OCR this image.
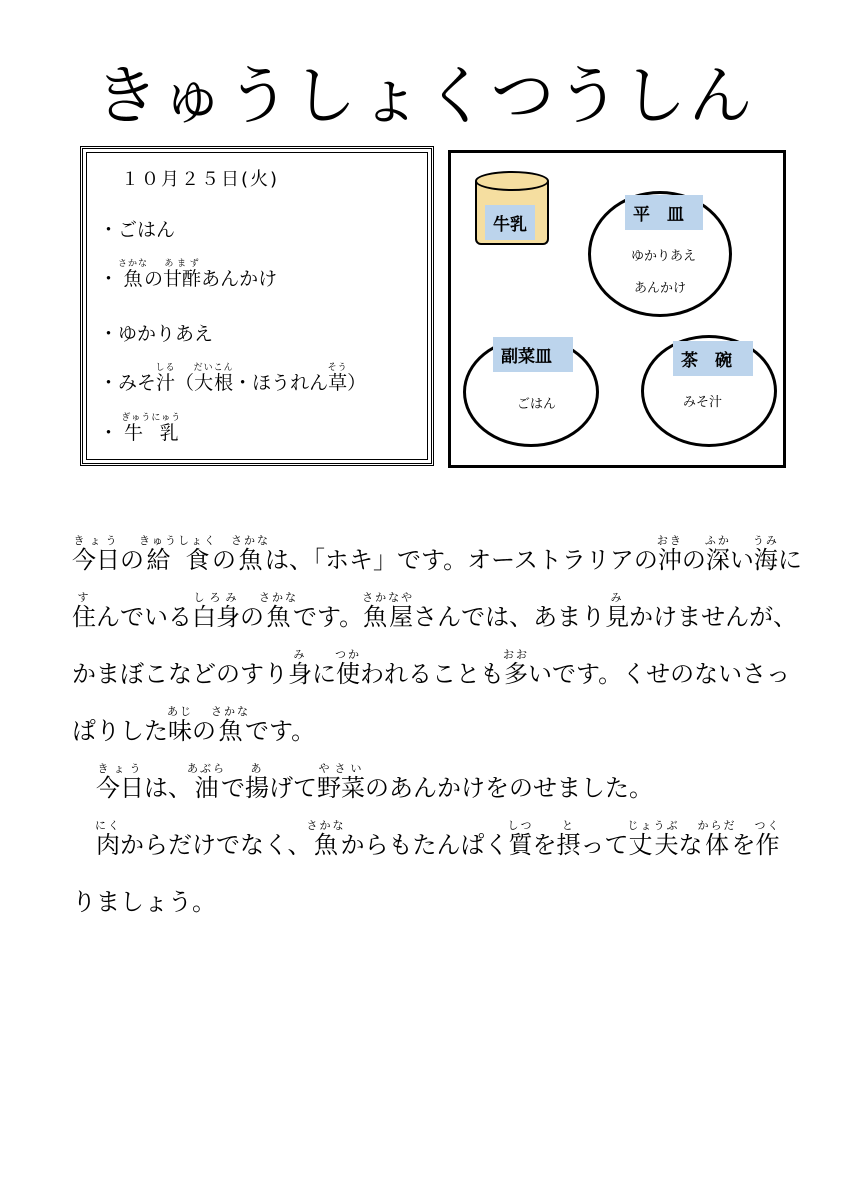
きゅうしょくつうしん
１０月２５日(火)
・ごはん
・魚さかなの甘酢あまずあんかけ
・ゆかりあえ
・みそ汁しる（大根だいこん・ほうれん草そう）
・ 牛 乳ぎゅうにゅう
牛乳	平　皿
ゆかりあえ
あんかけ
副菜皿
ごはん
茶　碗
みそ汁

今日きょうの給食きゅうしょくの魚さかなは、「ホキ」です。オーストラリアの沖おきの深ふかい海うみに住すんでいる白身しろみの魚さかなです。魚屋さかなやさんでは、あまり見みかけませんが、かまぼこなどのすり身みに使つかわれることも多おおいです。くせのないさっぱりした味あじの魚さかなです。

　今日きょうは、油あぶらで揚あげて野菜やさいのあんかけをのせました。

　肉にくからだけでなく、魚さかなからもたんぱく質しつを摂とって丈夫じょうぶな体からだを作つくりましょう。
